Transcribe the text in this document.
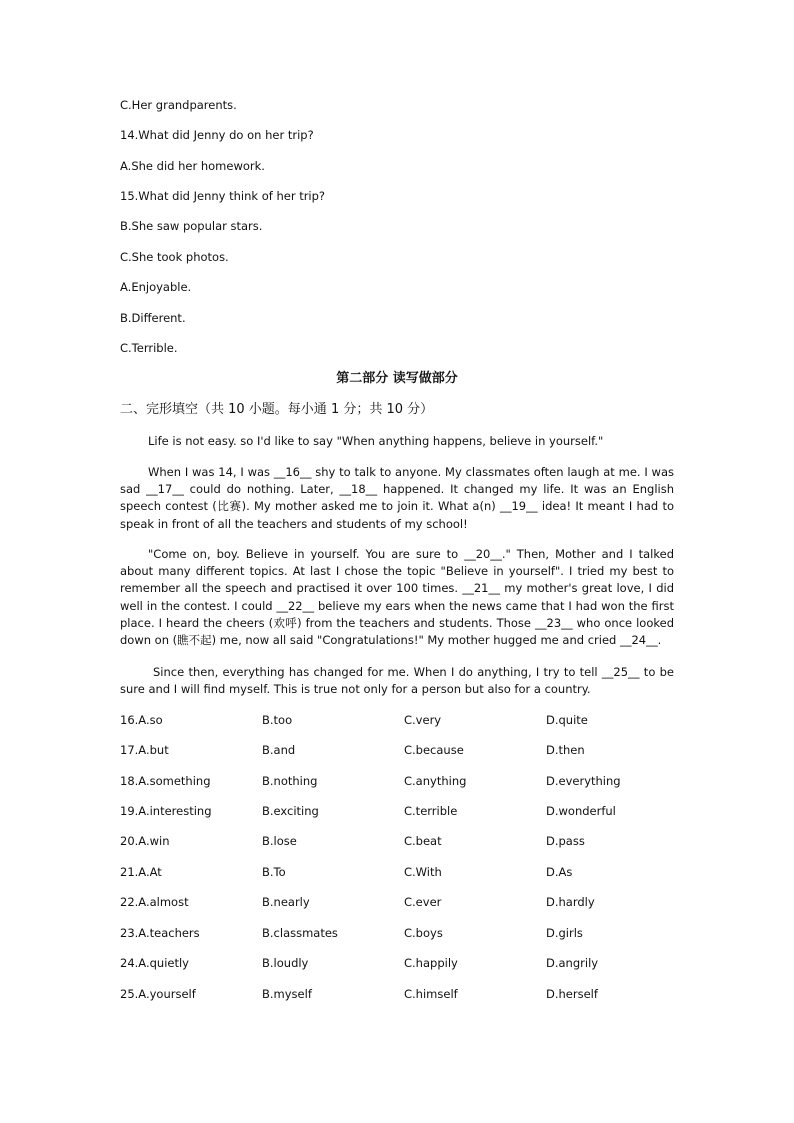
C.Her grandparents.
14.What did Jenny do on her trip?
A.She did her homework.
15.What did Jenny think of her trip?
B.She saw popular stars.
C.She took photos.
A.Enjoyable.
B.Different.
C.Terrible.
第二部分 读写做部分
二、完形填空（共 10 小题。每小通 1 分；共 10 分）
Life is not easy. so I'd like to say "When anything happens, believe in yourself."
When I was 14, I was __16__ shy to talk to anyone. My classmates often laugh at me. I was sad __17__ could do nothing. Later, __18__ happened. It changed my life. It was an English speech contest (比赛). My mother asked me to join it. What a(n) __19__ idea! It meant I had to speak in front of all the teachers and students of my school!
"Come on, boy. Believe in yourself. You are sure to __20__." Then, Mother and I talked about many different topics. At last I chose the topic "Believe in yourself". I tried my best to remember all the speech and practised it over 100 times. __21__ my mother's great love, I did well in the contest. I could __22__ believe my ears when the news came that I had won the first place. I heard the cheers (欢呼) from the teachers and students. Those __23__ who once looked down on (瞧不起) me, now all said "Congratulations!" My mother hugged me and cried __24__.
Since then, everything has changed for me. When I do anything, I try to tell __25__ to be sure and I will find myself. This is true not only for a person but also for a country.
16.A.so	B.too	C.very	D.quite
17.A.but	B.and	C.because	D.then
18.A.something	B.nothing	C.anything	D.everything
19.A.interesting	B.exciting	C.terrible	D.wonderful
20.A.win	B.lose	C.beat	D.pass
21.A.At	B.To	C.With	D.As
22.A.almost	B.nearly	C.ever	D.hardly
23.A.teachers	B.classmates	C.boys	D.girls
24.A.quietly	B.loudly	C.happily	D.angrily
25.A.yourself	B.myself	C.himself	D.herself
